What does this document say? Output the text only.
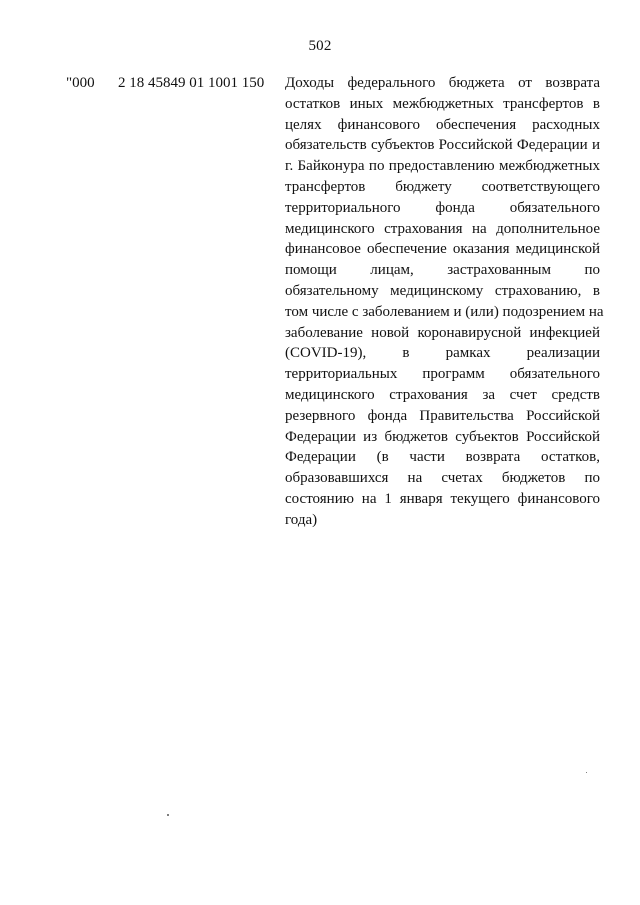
502
"000 2 18 45849 01 1001 150 Доходы федерального бюджета от возврата
остатков иных межбюджетных трансфертов в
целях финансового обеспечения расходных
обязательств субъектов Российской Федерации и
г. Байконура по предоставлению межбюджетных
трансфертов бюджету соответствующего
территориального фонда обязательного
медицинского страхования на дополнительное
финансовое обеспечение оказания медицинской
помощи лицам, застрахованным по
обязательному медицинскому страхованию, в
том числе с заболеванием и (или) подозрением на
заболевание новой коронавирусной инфекцией
(COVID-19), в рамках реализации
территориальных программ обязательного
медицинского страхования за счет средств
резервного фонда Правительства Российской
Федерации из бюджетов субъектов Российской
Федерации (в части возврата остатков,
образовавшихся на счетах бюджетов по
состоянию на 1 января текущего финансового
года)
